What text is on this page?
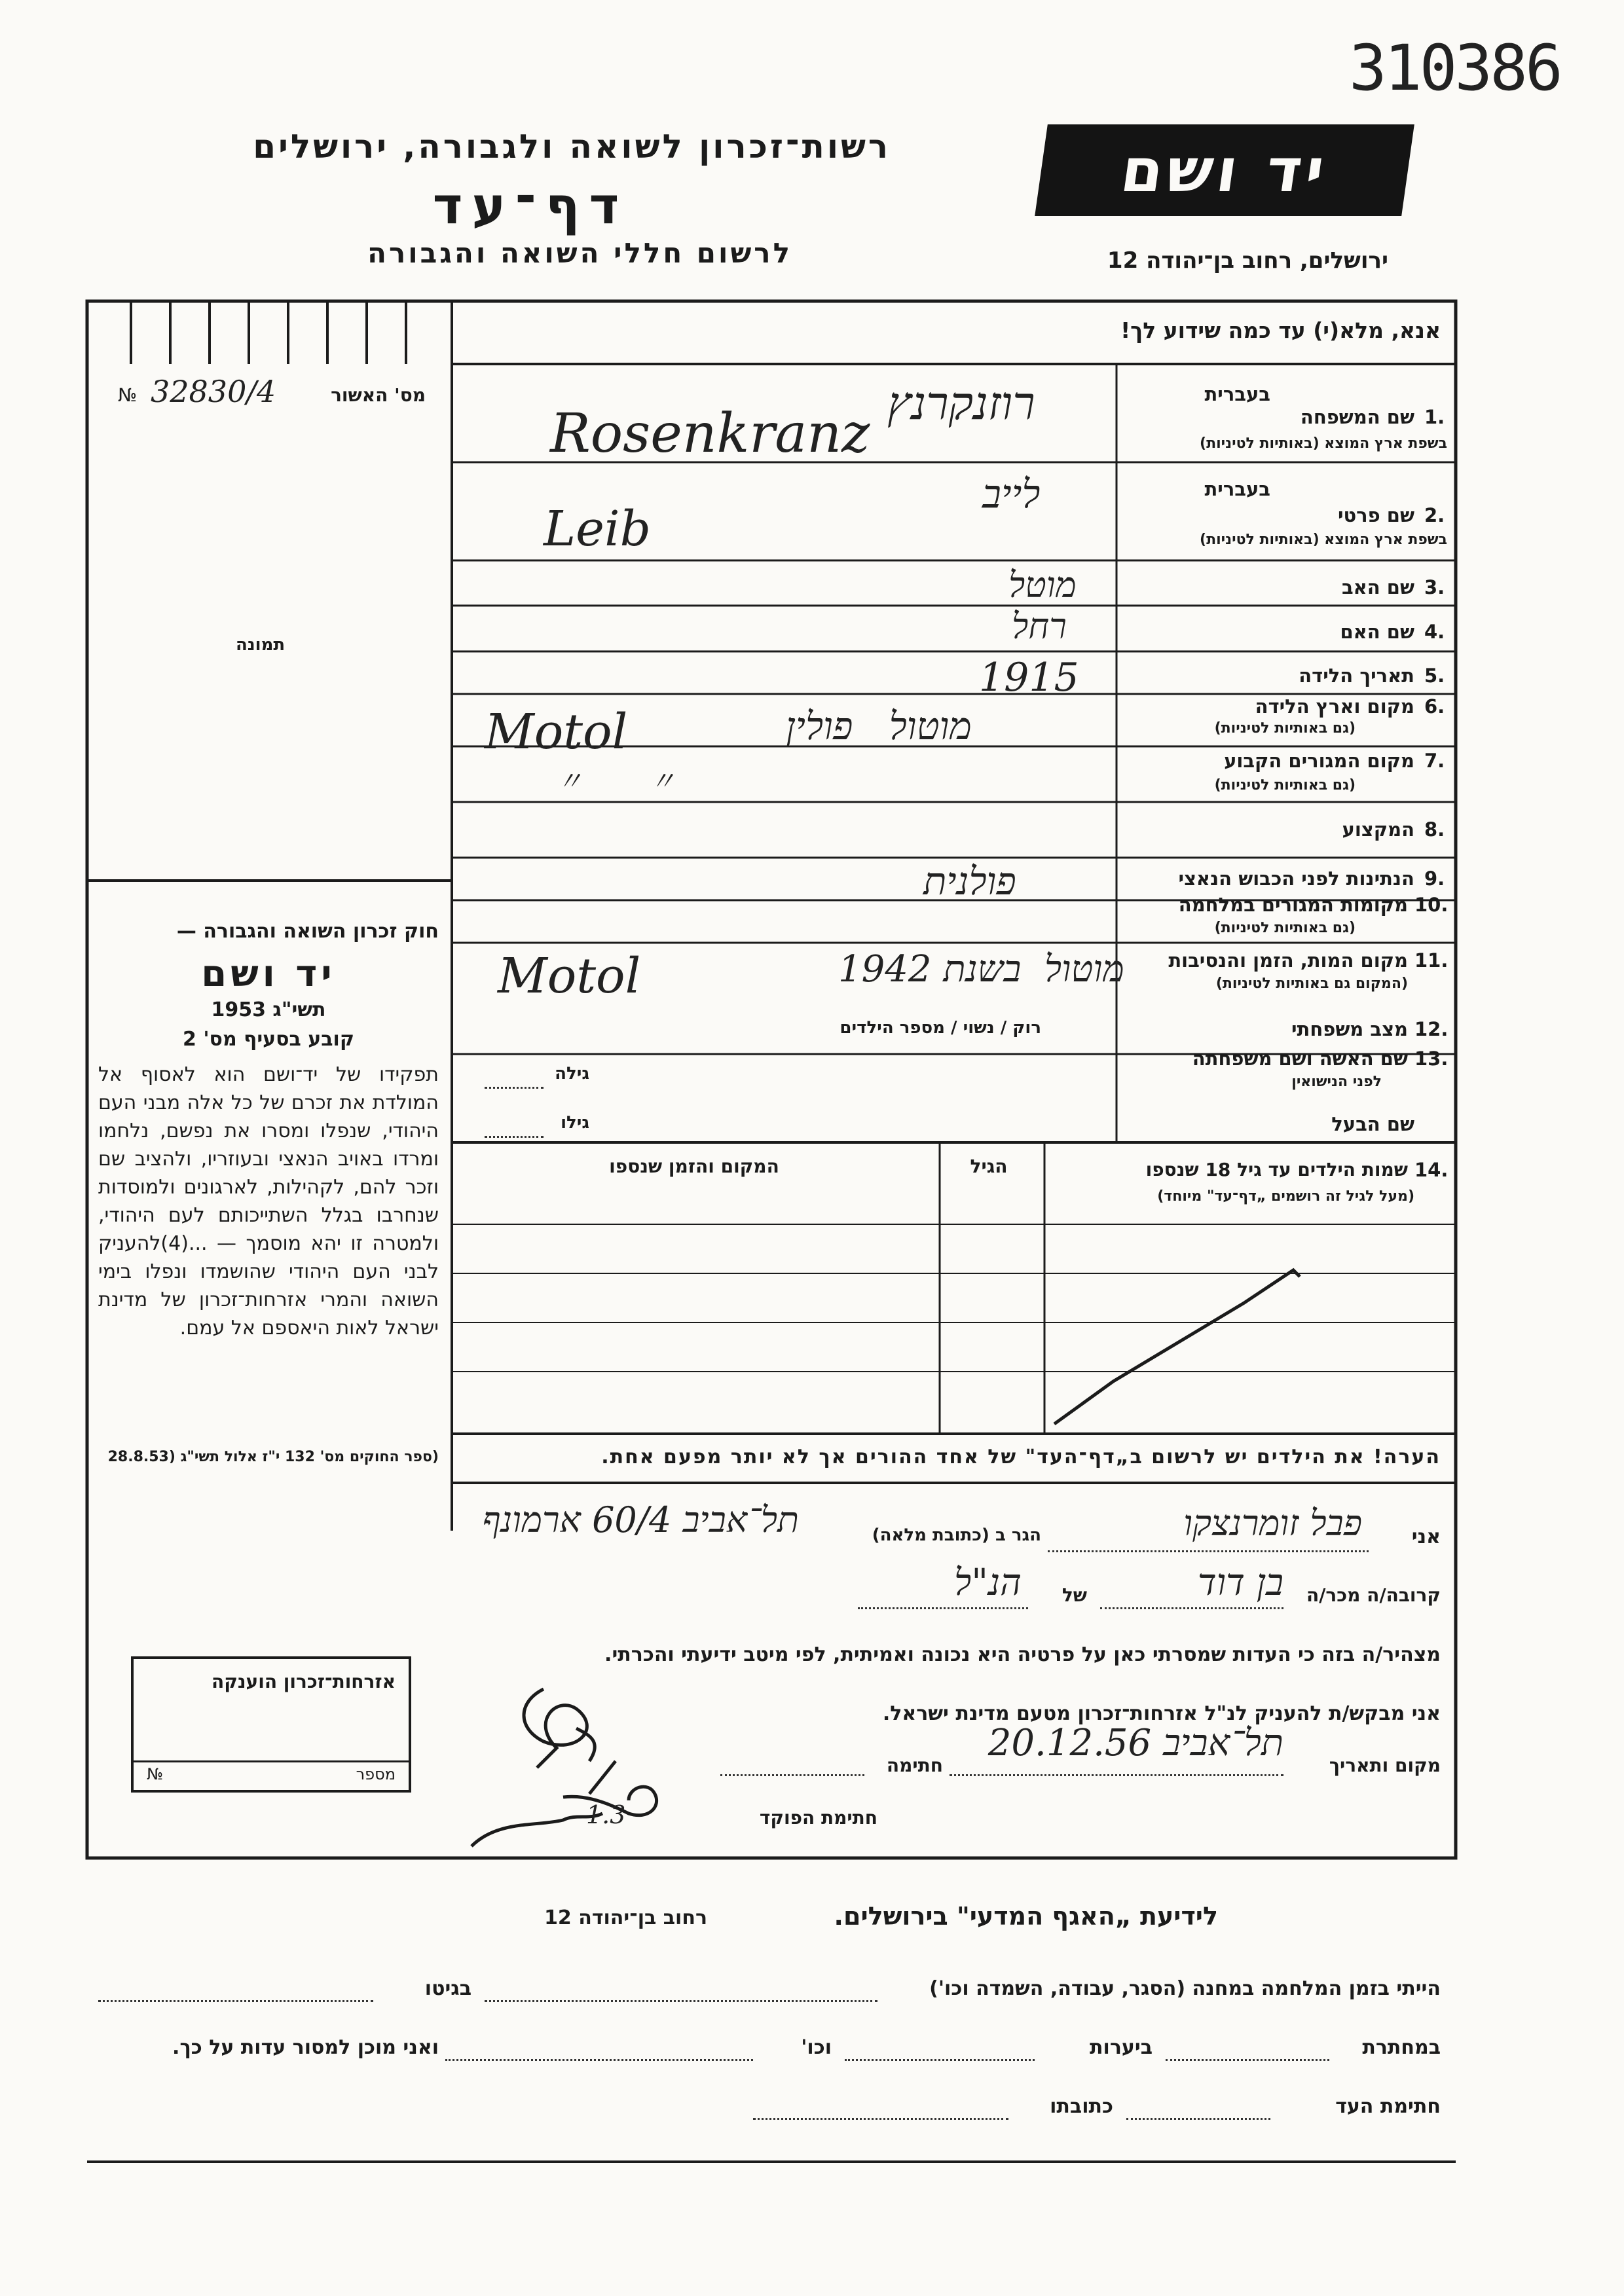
310386
רשות־זכרון לשואה ולגבורה, ירושלים
דף־עד
לרשום חללי השואה והגבורה
יד ושם
ירושלים, רחוב בן־יהודה 12
אנא, מלא(י) עד כמה שידוע לך!
№ 32830/4	מס' האשור
תמונה
1.
שם המשפחה
בעברית
בשפת ארץ המוצא (באותיות לטיניות)
2.
שם פרטי
בעברית
בשפת ארץ המוצא (באותיות לטיניות)
3.
שם האב
4.
שם האם
5.
תאריך הלידה
6.
מקום וארץ הלידה
(גם באותיות לטיניות)
7.
מקום המגורים הקבוע
(גם באותיות לטיניות)
8.
המקצוע
9.
הנתינות לפני הכבוש הנאצי
10.
מקומות המגורים במלחמה
(גם באותיות לטיניות)
11.
מקום המות, הזמן והנסיבות
(המקום גם באותיות לטיניות)
12.
מצב משפחתי
רוק / נשוי / מספר הילדים
13.
שם האשה ושם משפחתה
לפני הנישואין
גילה
שם הבעל
גילו
רוזנקרנץ
Rosenkranz
לייב
Leib
מוטל
רחל
1915
מוטול   פולין
Motol
〃        〃
פולנית
מוטול  בשנת 1942
Motol
14.
שמות הילדים עד גיל 18 שנספו
(מעל לגיל זה רושמים „דף־עד" מיוחד)
הגיל
המקום והזמן שנספו
הערה! את הילדים יש לרשום ב„דף־העד" של אחד ההורים אך לא יותר מפעם אחת.
אני
פבל זומרנצקו
הגר ב (כתובת מלאה)
תל־אביב 60/4 ארמונף
קרובה/ה מכר/ה
בן דוד
של
הנ"ל
מצהיר/ה בזה כי העדות שמסרתי כאן על פרטיה היא נכונה ואמיתית, לפי מיטב ידיעתי והכרתי.
אני מבקש/ת להעניק לנ"ל אזרחות־זכרון מטעם מדינת ישראל.
מקום ותאריך
תל־אביב 20.12.56
חתימה
חתימת הפוקד
1.3
חוק זכרון השואה והגבורה —
יד ושם
תשי"ג 1953
קובע בסעיף מס' 2
תפקידו של יד־ושם הוא לאסוף אל המולדת את זכרם של כל אלה מבני העם היהודי, שנפלו ומסרו את נפשם, נלחמו ומרדו באויב הנאצי ובעוזריו, ולהציב שם וזכר להם, לקהילות, לארגונים ולמוסדות שנחרבו בגלל השתייכותם לעם היהודי, ולמטרה זו יהא מוסמך — ...(4)להעניק לבני העם היהודי שהושמדו ונפלו בימי השואה והמרי אזרחות־זכרון של מדינת ישראל לאות היאספם אל עמם.
(ספר החוקים מס' 132 י"ז אלול תשי"ג (28.8.53
אזרחות־זכרון הוענקה
№	מספר
לידיעת „האגף המדעי" בירושלים.
רחוב בן־יהודה 12
הייתי בזמן המלחמה במחנה (הסגר, עבודה, השמדה וכו')
בגיטו
במחתרת
ביערות
וכו'
ואני מוכן למסור עדות על כך.
חתימת העד
כתובתו
